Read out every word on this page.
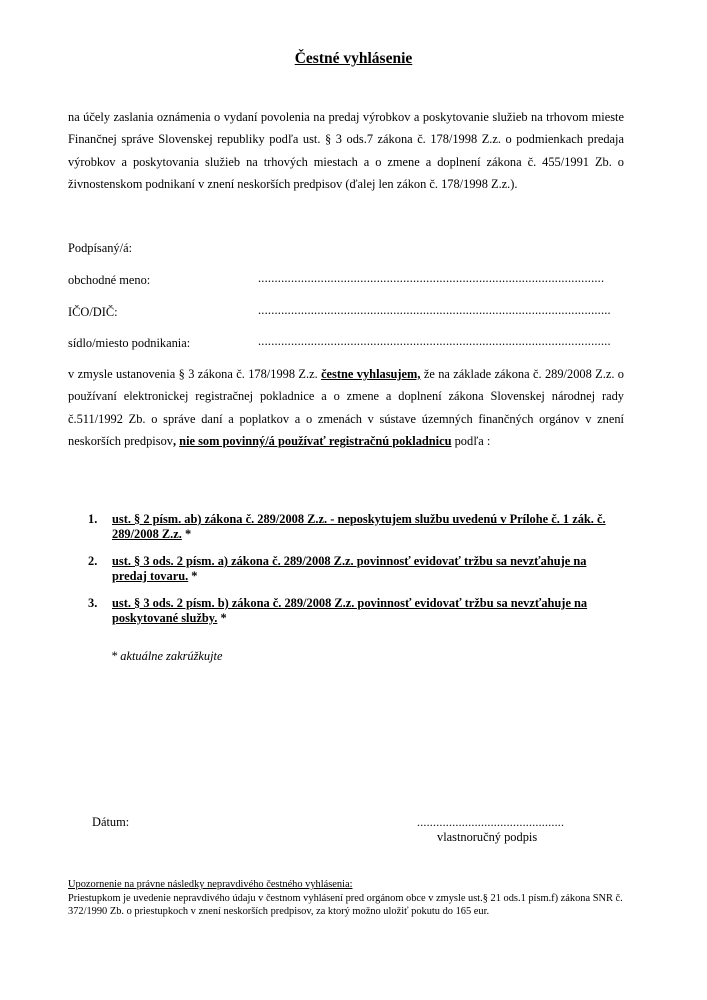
Čestné vyhlásenie
na účely zaslania oznámenia o vydaní povolenia na predaj výrobkov a poskytovanie služieb na trhovom mieste Finančnej správe Slovenskej republiky podľa ust. § 3 ods.7 zákona č. 178/1998 Z.z. o podmienkach predaja výrobkov a poskytovania služieb na trhových miestach a o zmene a doplnení zákona č. 455/1991 Zb. o živnostenskom podnikaní v znení neskorších predpisov (ďalej len zákon č. 178/1998 Z.z.).
Podpísaný/á:
obchodné meno:	.........................................................................................................
IČO/DIČ:	...........................................................................................................
sídlo/miesto podnikania:	...........................................................................................................
v zmysle ustanovenia § 3 zákona č. 178/1998 Z.z. čestne vyhlasujem, že na základe zákona č. 289/2008 Z.z. o používaní elektronickej registračnej pokladnice a o zmene a doplnení zákona Slovenskej národnej rady č.511/1992 Zb. o správe daní a poplatkov a o zmenách v sústave územných finančných orgánov v znení neskorších predpisov, nie som povinný/á používať registračnú pokladnicu podľa :
1. ust. § 2 písm. ab) zákona č. 289/2008 Z.z. - neposkytujem službu uvedenú v Prílohe č. 1 zák. č. 289/2008 Z.z. *
2. ust. § 3 ods. 2 písm. a) zákona č. 289/2008 Z.z. povinnosť evidovať tržbu sa nevzťahuje na predaj tovaru. *
3. ust. § 3 ods. 2 písm. b) zákona č. 289/2008 Z.z. povinnosť evidovať tržbu sa nevzťahuje na poskytované služby. *
* aktuálne zakrúžkujte
Dátum:	..............................................
vlastnoručný podpis
Upozornenie na právne následky nepravdivého čestného vyhlásenia:
Priestupkom je uvedenie nepravdivého údaju v čestnom vyhlásení pred orgánom obce v zmysle ust.§ 21 ods.1 písm.f) zákona SNR č. 372/1990 Zb. o priestupkoch v znení neskorších predpisov, za ktorý možno uložiť pokutu do 165 eur.
